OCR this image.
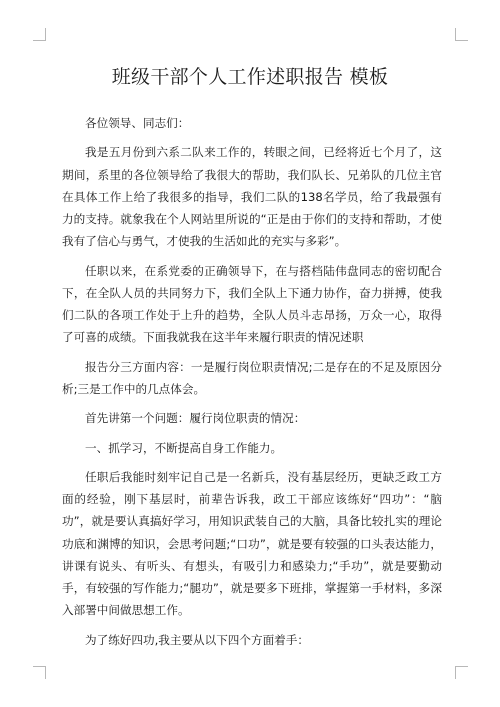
班级干部个人工作述职报告 模板

各位领导、同志们：

我是五月份到六系二队来工作的，转眼之间，已经将近七个月了，这期间，系里的各位领导给了我很大的帮助，我们队长、兄弟队的几位主官在具体工作上给了我很多的指导，我们二队的138名学员，给了我最强有力的支持。就象我在个人网站里所说的“正是由于你们的支持和帮助，才使我有了信心与勇气，才使我的生活如此的充实与多彩”。

任职以来，在系党委的正确领导下，在与搭档陆伟盘同志的密切配合下，在全队人员的共同努力下，我们全队上下通力协作，奋力拼搏，使我们二队的各项工作处于上升的趋势，全队人员斗志昂扬，万众一心，取得了可喜的成绩。下面我就我在这半年来履行职责的情况述职

报告分三方面内容：一是履行岗位职责情况;二是存在的不足及原因分析;三是工作中的几点体会。

首先讲第一个问题：履行岗位职责的情况：

一、抓学习，不断提高自身工作能力。

任职后我能时刻牢记自己是一名新兵，没有基层经历，更缺乏政工方面的经验，刚下基层时，前辈告诉我，政工干部应该练好“四功”：“脑功”，就是要认真搞好学习，用知识武装自己的大脑，具备比较扎实的理论功底和渊博的知识，会思考问题;“口功”，就是要有较强的口头表达能力，讲课有说头、有听头、有想头，有吸引力和感染力;“手功”，就是要勤动手，有较强的写作能力;“腿功”，就是要多下班排，掌握第一手材料，多深入部署中间做思想工作。

为了练好四功,我主要从以下四个方面着手：
